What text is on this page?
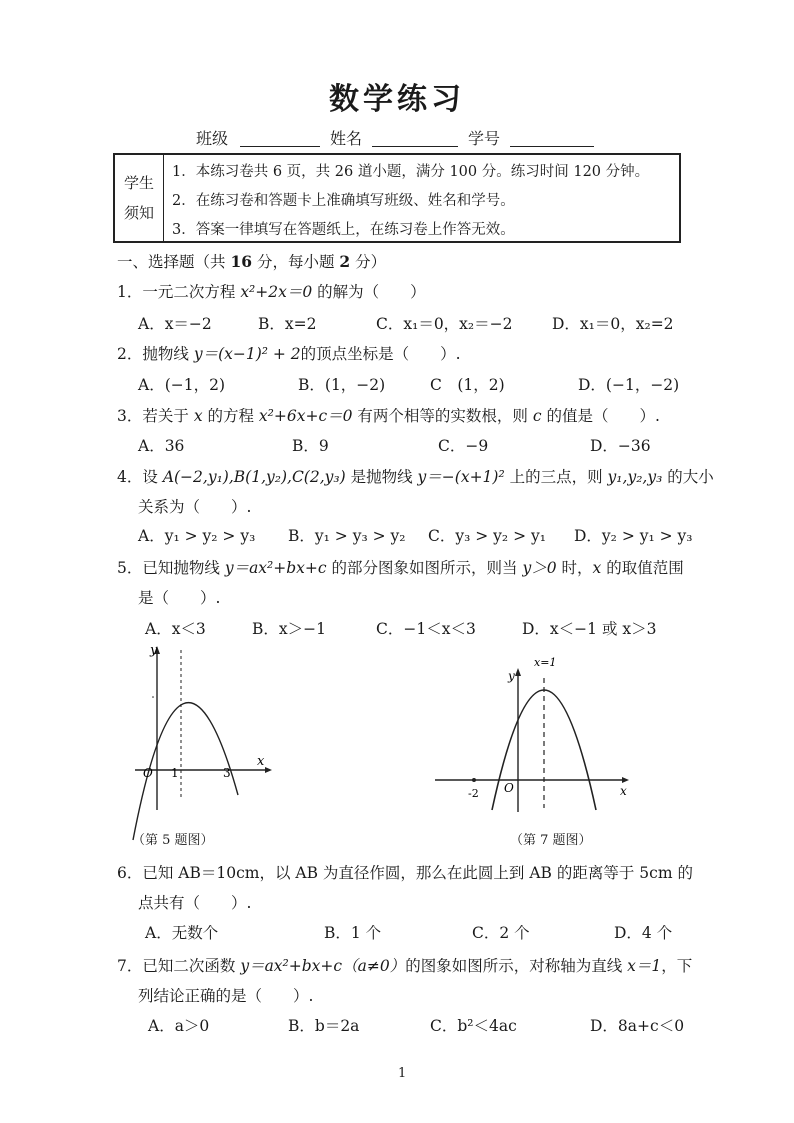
数学练习
班级	姓名	学号
学生
须知
1．本练习卷共 6 页，共 26 道小题，满分 100 分。练习时间 120 分钟。
2．在练习卷和答题卡上准确填写班级、姓名和学号。
3．答案一律填写在答题纸上，在练习卷上作答无效。
一、选择题（共 16 分，每小题 2 分）
1．一元二次方程 x²+2x＝0 的解为（　　）
A．x＝−2	B．x=2	C．x₁＝0，x₂＝−2	D．x₁＝0，x₂=2
2．抛物线 y＝(x−1)² + 2的顶点坐标是（　　）.
A．(−1，2)	B．(1，−2)	C　(1，2)	D．(−1，−2)
3．若关于 x 的方程 x²+6x+c＝0 有两个相等的实数根，则 c 的值是（　　）.
A．36	B．9	C．−9	D．−36
4．设 A(−2,y₁),B(1,y₂),C(2,y₃) 是抛物线 y＝−(x+1)² 上的三点，则 y₁,y₂,y₃ 的大小
关系为（　　）.
A．y₁ > y₂ > y₃ B．y₁ > y₃ > y₂ C．y₃ > y₂ > y₁ D．y₂ > y₁ > y₃
5．已知抛物线 y＝ax²+bx+c 的部分图象如图所示，则当 y＞0 时，x 的取值范围
是（　　）.
A．x＜3	B．x＞−1	C．−1＜x＜3	D．x＜−1 或 x＞3
y
x
O 1	3
（第 5 题图）
y
x=1
x
O
-2
（第 7 题图）
6．已知 AB＝10cm，以 AB 为直径作圆，那么在此圆上到 AB 的距离等于 5cm 的
点共有（　　）.
A．无数个	B．1 个	C．2 个	D．4 个
7．已知二次函数 y＝ax²+bx+c（a≠0）的图象如图所示，对称轴为直线 x＝1，下
列结论正确的是（　　）.
A．a＞0	B．b＝2a	C．b²＜4ac	D．8a+c＜0
1
